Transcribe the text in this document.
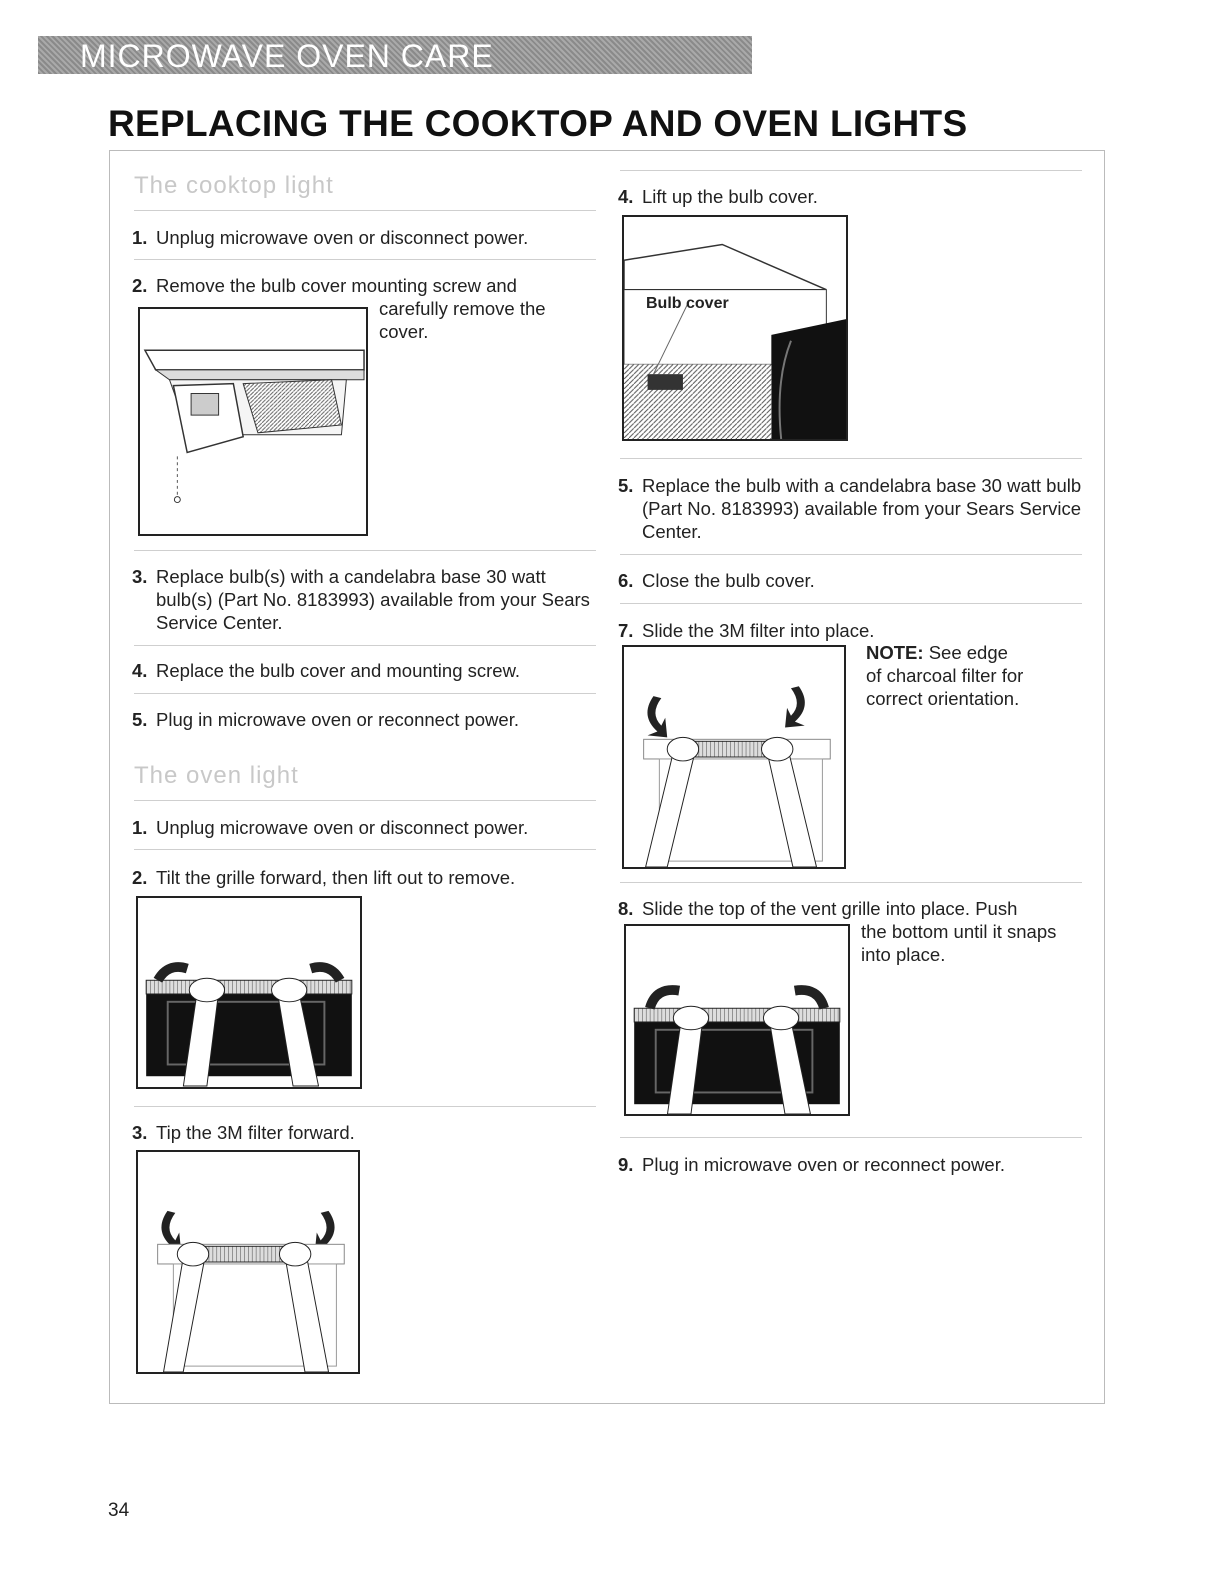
MICROWAVE OVEN CARE
REPLACING THE COOKTOP AND OVEN LIGHTS
The cooktop light
1. Unplug microwave oven or disconnect power.
2. Remove the bulb cover mounting screw and
carefully remove the
cover.
3. Replace bulb(s) with a candelabra base 30 watt bulb(s) (Part No. 8183993) available from your Sears Service Center.
4. Replace the bulb cover and mounting screw.
5. Plug in microwave oven or reconnect power.
The oven light
1. Unplug microwave oven or disconnect power.
2. Tilt the grille forward, then lift out to remove.
3. Tip the 3M filter forward.
4. Lift up the bulb cover.
Bulb cover
5. Replace the bulb with a candelabra base 30 watt bulb (Part No. 8183993) available from your Sears Service Center.
6. Close the bulb cover.
7. Slide the 3M filter into place.
NOTE: See edge
of charcoal filter for
correct orientation.
8. Slide the top of the vent grille into place. Push
the bottom until it snaps
into place.
9. Plug in microwave oven or reconnect power.
34
